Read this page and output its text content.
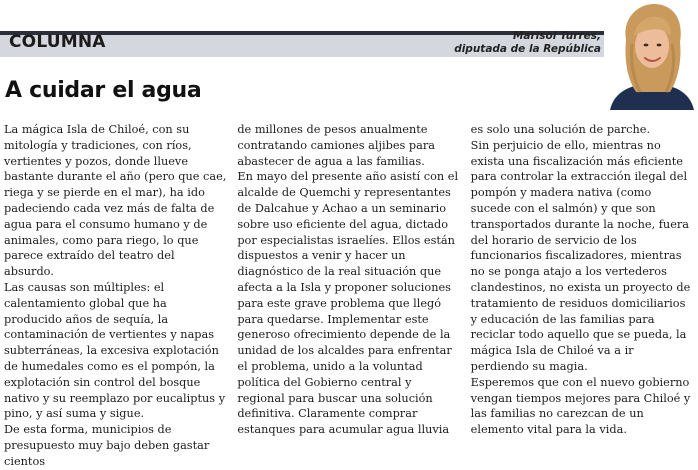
COLUMNA	Marisol Turres,
diputada de la República
A cuidar el agua

La mágica Isla de Chiloé, con su mitología y tradiciones, con ríos, vertientes y pozos, donde llueve bastante durante el año (pero que cae, riega y se pierde en el mar), ha ido padeciendo cada vez más de falta de agua para el consumo humano y de animales, como para riego, lo que parece extraído del teatro del absurdo.

Las causas son múltiples: el calentamiento global que ha producido años de sequía, la contaminación de vertientes y napas subterráneas, la excesiva explotación de humedales como es el pompón, la explotación sin control del bosque nativo y su reemplazo por eucaliptus y pino, y así suma y sigue.

De esta forma, municipios de presupuesto muy bajo deben gastar cientos

de millones de pesos anualmente contratando camiones aljibes para abastecer de agua a las familias.

En mayo del presente año asistí con el alcalde de Quemchi y representantes de Dalcahue y Achao a un seminario sobre uso eficiente del agua, dictado por especialistas israelíes. Ellos están dispuestos a venir y hacer un diagnóstico de la real situación que afecta a la Isla y proponer soluciones para este grave problema que llegó para quedarse. Implementar este generoso ofrecimiento depende de la unidad de los alcaldes para enfrentar el problema, unido a la voluntad política del Gobierno central y regional para buscar una solución definitiva. Claramente comprar estanques para acumular agua lluvia

es solo una solución de parche.

Sin perjuicio de ello, mientras no exista una fiscalización más eficiente para controlar la extracción ilegal del pompón y madera nativa (como sucede con el salmón) y que son transportados durante la noche, fuera del horario de servicio de los funcionarios fiscalizadores, mientras no se ponga atajo a los vertederos clandestinos, no exista un proyecto de tratamiento de residuos domiciliarios y educación de las familias para reciclar todo aquello que se pueda, la mágica Isla de Chiloé va a ir perdiendo su magia.

Esperemos que con el nuevo gobierno vengan tiempos mejores para Chiloé y las familias no carezcan de un elemento vital para la vida.
